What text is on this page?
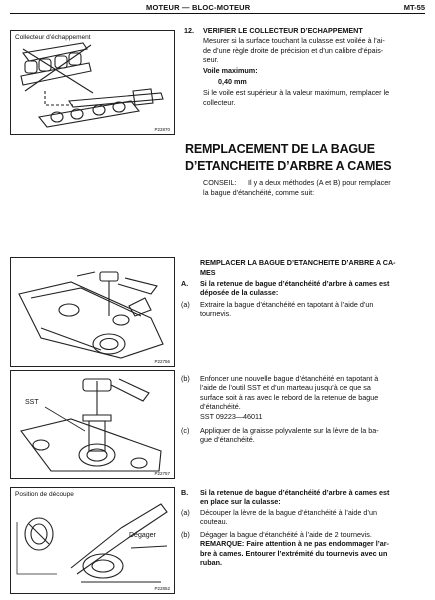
MOTEUR — BLOC-MOTEUR	MT-55
Collecteur d’échappement
P22870
12. VERIFIER LE COLLECTEUR D’ECHAPPEMENT
Mesurer si la surface touchant la culasse est voilée à l’ai-
de d’une règle droite de précision et d’un calibre d’épais-
seur.
Voile maximum:
0,40 mm
Si le voile est supérieur à la valeur maximum, remplacer le
collecteur.
REMPLACEMENT DE LA BAGUE
D’ETANCHEITE D’ARBRE A CAMES
CONSEIL: Il y a deux méthodes (A et B) pour remplacer
la bague d’étanchéité, comme suit:
P22756
SST
P22757
Position de découpe
Dégager
P22852
REMPLACER LA BAGUE D’ETANCHEITE D’ARBRE A CA-
MES
A. Si la retenue de bague d’étanchéité d’arbre à cames est
déposée de la culasse:
(a) Extraire la bague d’étanchéité en tapotant à l’aide d’un
tournevis.
(b) Enfoncer une nouvelle bague d’étanchéité en tapotant à
l’aide de l’outil SST et d’un marteau jusqu’à ce que sa
surface soit à ras avec le rebord de la retenue de bague
d’étanchéité.
SST 09223—46011
(c) Appliquer de la graisse polyvalente sur la lèvre de la ba-
gue d’étanchéité.
B. Si la retenue de bague d’étanchéité d’arbre à cames est
en place sur la culasse:
(a) Découper la lèvre de la bague d’étanchéité à l’aide d’un
couteau.
(b) Dégager la bague d’étanchéité à l’aide de 2 tournevis.
REMARQUE: Faire attention à ne pas endommager l’ar-
bre à cames. Entourer l’extrémité du tournevis avec un
ruban.
